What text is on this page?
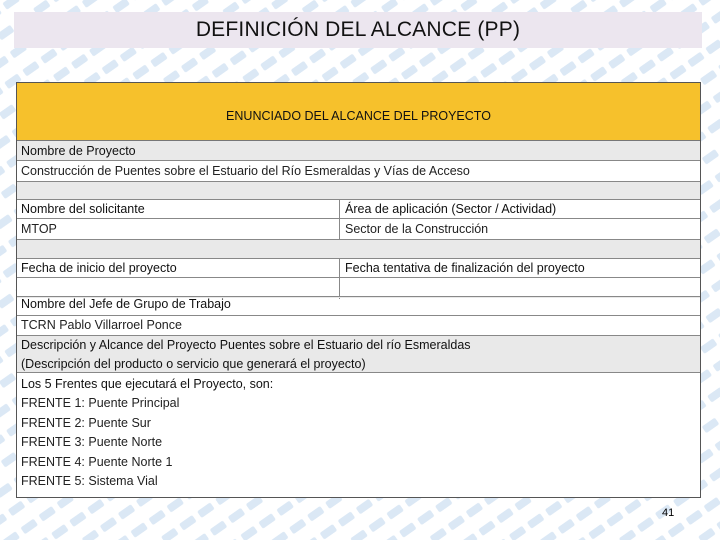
DEFINICIÓN DEL ALCANCE (PP)
ENUNCIADO DEL ALCANCE DEL PROYECTO
Nombre de Proyecto
Construcción de Puentes sobre el Estuario del Río Esmeraldas y Vías de Acceso
Nombre del solicitante	Área de aplicación (Sector / Actividad)
MTOP	Sector de la Construcción
Fecha de inicio del proyecto	Fecha tentativa de finalización del proyecto
Nombre del Jefe de Grupo de Trabajo
TCRN Pablo Villarroel Ponce
Descripción y Alcance del Proyecto Puentes sobre el Estuario del río Esmeraldas
(Descripción del producto o servicio que generará el proyecto)
Los 5 Frentes que ejecutará el Proyecto, son:
FRENTE 1: Puente Principal
FRENTE 2: Puente Sur
FRENTE 3: Puente Norte
FRENTE 4: Puente Norte 1
FRENTE 5: Sistema Vial
41
